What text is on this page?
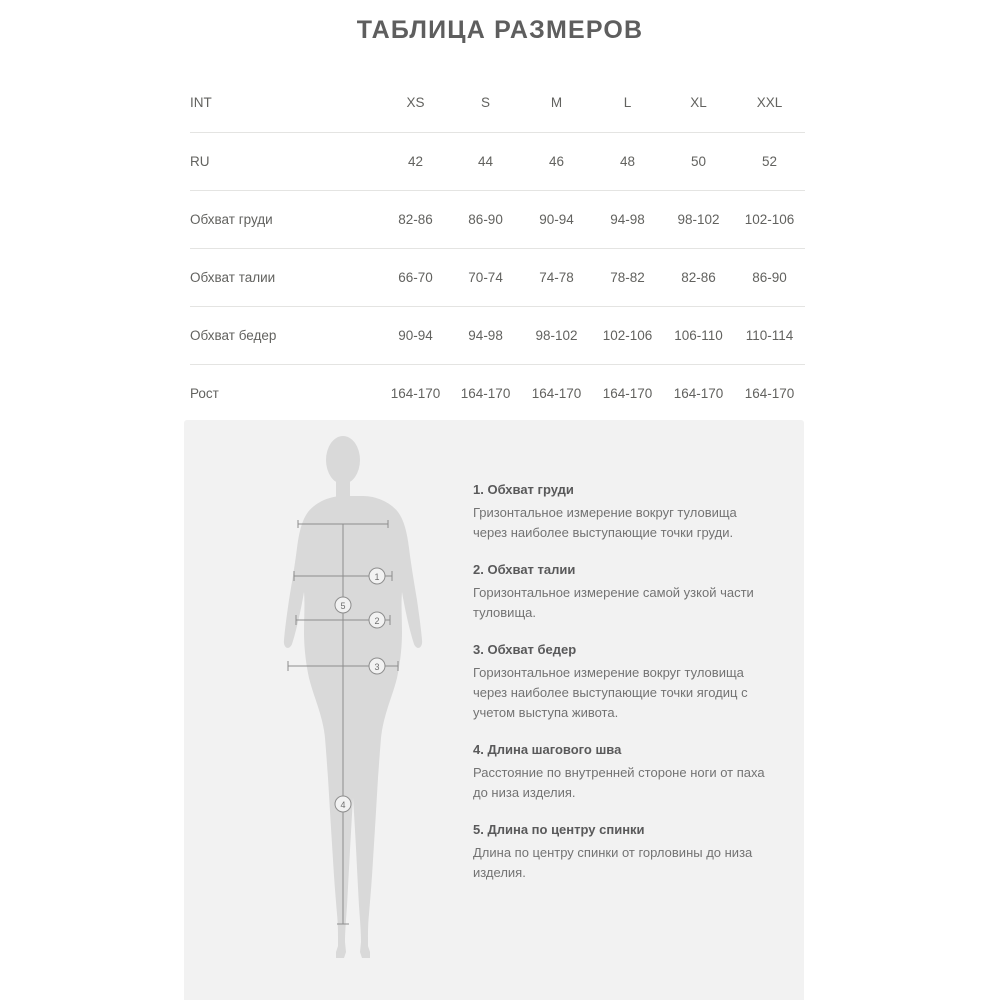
ТАБЛИЦА РАЗМЕРОВ
INT	XS	S	M	L	XL	XXL
RU	42	44	46	48	50	52
Обхват груди	82-86	86-90	90-94	94-98	98-102	102-106
Обхват талии	66-70	70-74	74-78	78-82	82-86	86-90
Обхват бедер	90-94	94-98	98-102	102-106	106-110	110-114
Рост	164-170	164-170	164-170	164-170	164-170	164-170
1
5
2
3
4
1. Обхват груди
Гризонтальное измерение вокруг туловища через наиболее выступающие точки груди.
2. Обхват талии
Горизонтальное измерение самой узкой части туловища.
3. Обхват бедер
Горизонтальное измерение вокруг туловища через наиболее выступающие точки ягодиц с учетом выступа живота.
4. Длина шагового шва
Расстояние по внутренней стороне ноги от паха до низа изделия.
5. Длина по центру спинки
Длина по центру спинки от горловины до низа изделия.
